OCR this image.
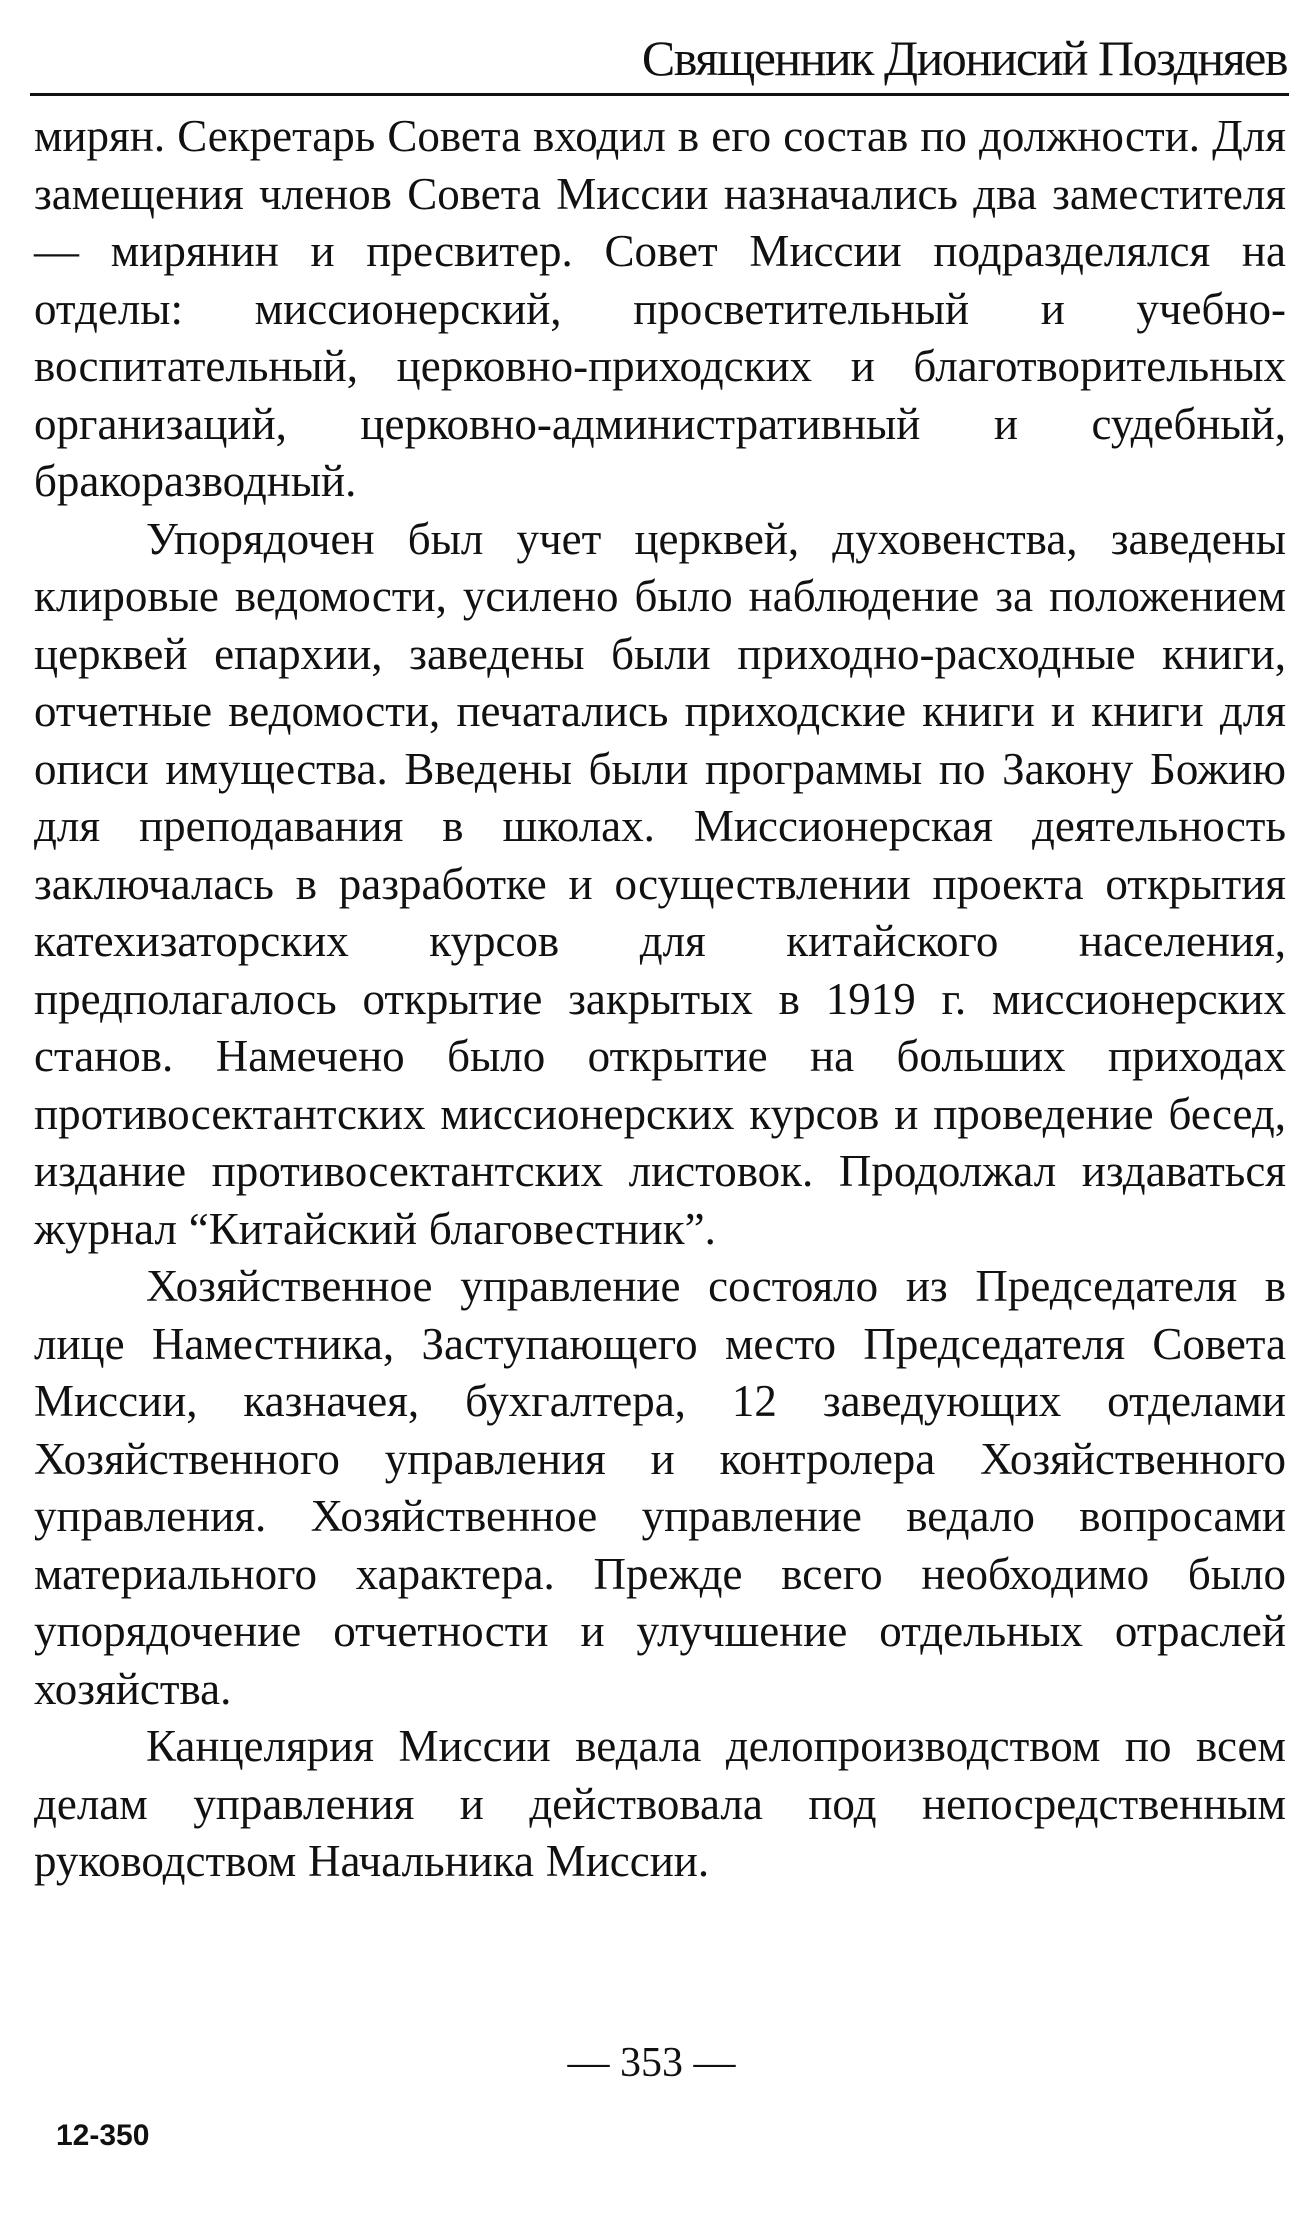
Священник Дионисий Поздняев

мирян. Секретарь Совета входил в его состав по должности. Для замещения членов Совета Миссии назначались два заместителя — мирянин и пресвитер. Совет Миссии подразделялся на отделы: миссионерский, просветительный и учебно-воспитательный, церковно-приходских и благотворительных организаций, церковно-административный и судебный, бракоразводный.

Упорядочен был учет церквей, духовенства, заведены клировые ведомости, усилено было наблюдение за положением церквей епархии, заведены были приходно-расходные книги, отчетные ведомости, печатались приходские книги и книги для описи имущества. Введены были программы по Закону Божию для преподавания в школах. Миссионерская деятельность заключалась в разработке и осуществлении проекта открытия катехизаторских курсов для китайского населения, предполагалось открытие закрытых в 1919 г. миссионерских станов. Намечено было открытие на больших приходах противосектантских миссионерских курсов и проведение бесед, издание противосектантских листовок. Продолжал издаваться журнал “Китайский благовестник”.

Хозяйственное управление состояло из Председателя в лице Наместника, Заступающего место Председателя Совета Миссии, казначея, бухгалтера, 12 заведующих отделами Хозяйственного управления и контролера Хозяйственного управления. Хозяйственное управление ведало вопросами материального характера. Прежде всего необходимо было упорядочение отчетности и улучшение отдельных отраслей хозяйства.

Канцелярия Миссии ведала делопроизводством по всем делам управления и действовала под непосредственным руководством Начальника Миссии.

— 353 —
12-350
